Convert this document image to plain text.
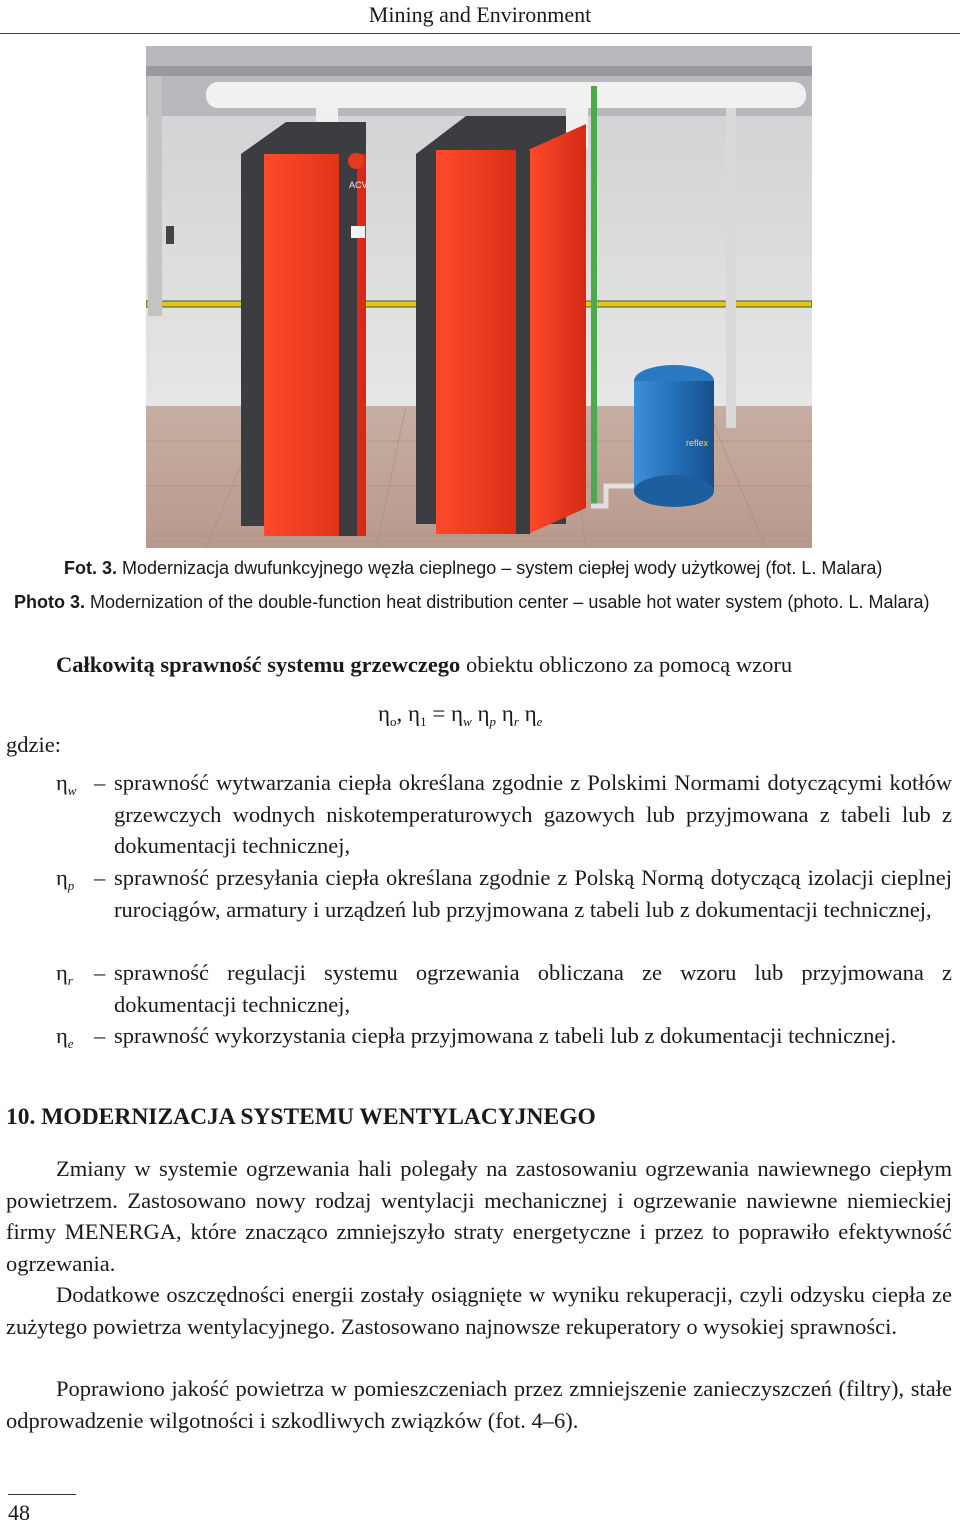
Mining and Environment
ACV
reflex
Fot. 3. Modernizacja dwufunkcyjnego węzła cieplnego – system ciepłej wody użytkowej (fot. L. Malara)
Photo 3. Modernization of the double-function heat distribution center – usable hot water system (photo. L. Malara)
Całkowitą sprawność systemu grzewczego obiektu obliczono za pomocą wzoru
$\eta_o$, $\eta_1 = \eta_w$ $\eta_p$ $\eta_r$ $\eta_e$
gdzie:
$\eta_w$ – sprawność wytwarzania ciepła określana zgodnie z Polskimi Normami dotyczącymi kotłów grzewczych wodnych niskotemperaturowych gazowych lub przyjmowana z tabeli lub z dokumentacji technicznej,
$\eta_p$ – sprawność przesyłania ciepła określana zgodnie z Polską Normą dotyczącą izolacji cieplnej rurociągów, armatury i urządzeń lub przyjmowana z tabeli lub z dokumentacji technicznej,
$\eta_r$ – sprawność regulacji systemu ogrzewania obliczana ze wzoru lub przyjmowana z dokumentacji technicznej,
$\eta_e$ – sprawność wykorzystania ciepła przyjmowana z tabeli lub z dokumentacji technicznej.
10. MODERNIZACJA SYSTEMU WENTYLACYJNEGO
Zmiany w systemie ogrzewania hali polegały na zastosowaniu ogrzewania nawiewnego ciepłym powietrzem. Zastosowano nowy rodzaj wentylacji mechanicznej i ogrzewanie nawiewne niemieckiej firmy MENERGA, które znacząco zmniejszyło straty energetyczne i przez to poprawiło efektywność ogrzewania.
Dodatkowe oszczędności energii zostały osiągnięte w wyniku rekuperacji, czyli odzysku ciepła ze zużytego powietrza wentylacyjnego. Zastosowano najnowsze rekuperatory o wysokiej sprawności.
Poprawiono jakość powietrza w pomieszczeniach przez zmniejszenie zanieczyszczeń (filtry), stałe odprowadzenie wilgotności i szkodliwych związków (fot. 4–6).
48
